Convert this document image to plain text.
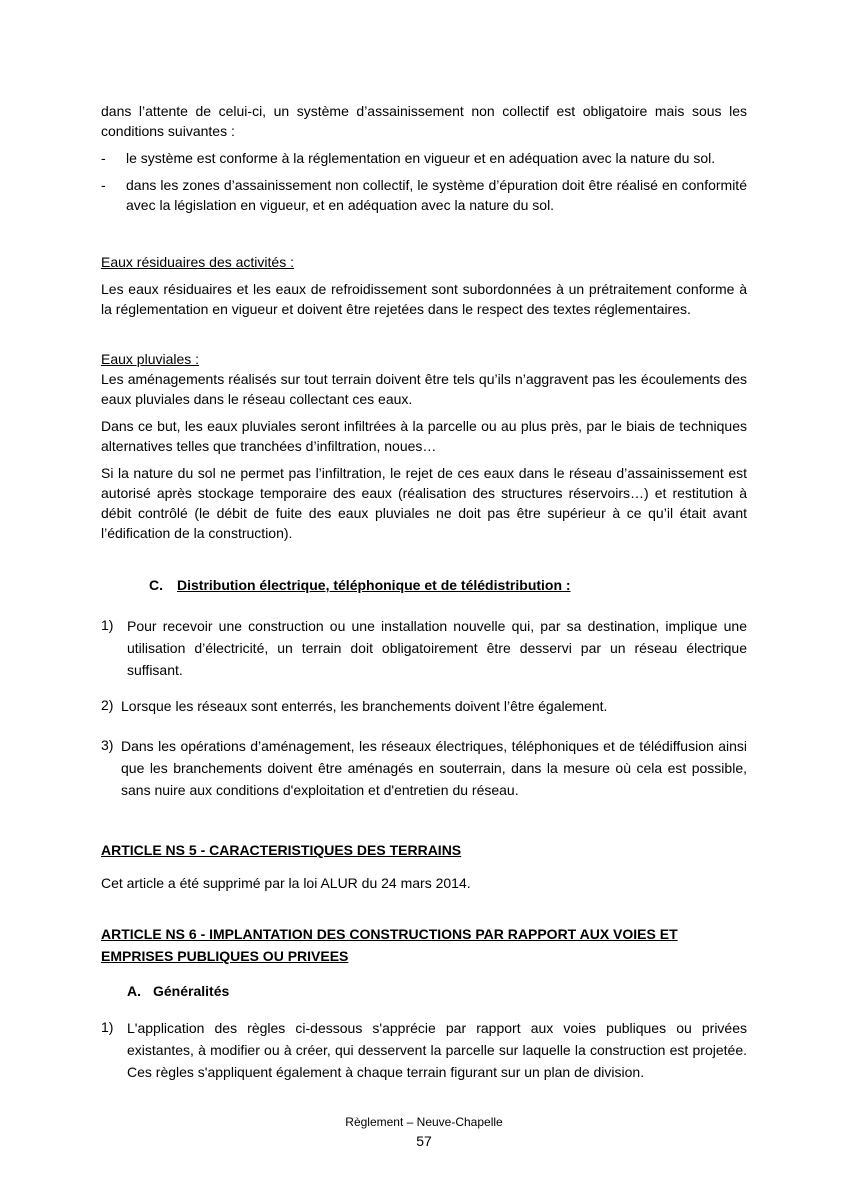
dans l’attente de celui-ci, un système d’assainissement non collectif est obligatoire mais sous les conditions suivantes :

-	le système est conforme à la réglementation en vigueur et en adéquation avec la nature du sol.
-	dans les zones d’assainissement non collectif, le système d’épuration doit être réalisé en conformité avec la législation en vigueur, et en adéquation avec la nature du sol.

Eaux résiduaires des activités :

Les eaux résiduaires et les eaux de refroidissement sont subordonnées à un prétraitement conforme à la réglementation en vigueur et doivent être rejetées dans le respect des textes réglementaires.

Eaux pluviales :

Les aménagements réalisés sur tout terrain doivent être tels qu’ils n’aggravent pas les écoulements des eaux pluviales dans le réseau collectant ces eaux.

Dans ce but, les eaux pluviales seront infiltrées à la parcelle ou au plus près, par le biais de techniques alternatives telles que tranchées d’infiltration, noues…

Si la nature du sol ne permet pas l’infiltration, le rejet de ces eaux dans le réseau d’assainissement est autorisé après stockage temporaire des eaux (réalisation des structures réservoirs…) et restitution à débit contrôlé (le débit de fuite des eaux pluviales ne doit pas être supérieur à ce qu’il était avant l’édification de la construction).

C. Distribution électrique, téléphonique et de télédistribution :

1) Pour recevoir une construction ou une installation nouvelle qui, par sa destination, implique une utilisation d’électricité, un terrain doit obligatoirement être desservi par un réseau électrique suffisant.
2) Lorsque les réseaux sont enterrés, les branchements doivent l’être également.
3) Dans les opérations d’aménagement, les réseaux électriques, téléphoniques et de télédiffusion ainsi que les branchements doivent être aménagés en souterrain, dans la mesure où cela est possible, sans nuire aux conditions d'exploitation et d'entretien du réseau.

ARTICLE NS 5 - CARACTERISTIQUES DES TERRAINS

Cet article a été supprimé par la loi ALUR du 24 mars 2014.

ARTICLE NS 6 - IMPLANTATION DES CONSTRUCTIONS PAR RAPPORT AUX VOIES ET EMPRISES PUBLIQUES OU PRIVEES

A. Généralités

1) L'application des règles ci-dessous s'apprécie par rapport aux voies publiques ou privées existantes, à modifier ou à créer, qui desservent la parcelle sur laquelle la construction est projetée. Ces règles s'appliquent également à chaque terrain figurant sur un plan de division.
Règlement – Neuve-Chapelle
57
